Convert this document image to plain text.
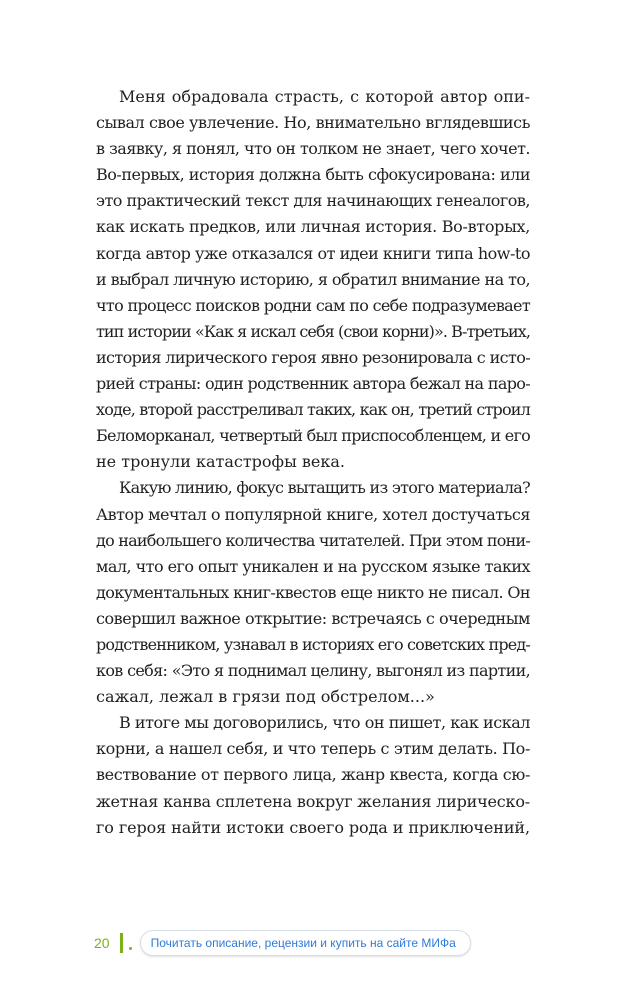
Меня обрадовала страсть, с которой автор опи-
сывал свое увлечение. Но, внимательно вглядевшись
в заявку, я понял, что он толком не знает, чего хочет.
Во-первых, история должна быть сфокусирована: или
это практический текст для начинающих генеалогов,
как искать предков, или личная история. Во-вторых,
когда автор уже отказался от идеи книги типа how-to
и выбрал личную историю, я обратил внимание на то,
что процесс поисков родни сам по себе подразумевает
тип истории «Как я искал себя (свои корни)». В-третьих,
история лирического героя явно резонировала с исто-
рией страны: один родственник автора бежал на паро-
ходе, второй расстреливал таких, как он, третий строил
Беломорканал, четвертый был приспособленцем, и его
не тронули катастрофы века.
Какую линию, фокус вытащить из этого материала?
Автор мечтал о популярной книге, хотел достучаться
до наибольшего количества читателей. При этом пони-
мал, что его опыт уникален и на русском языке таких
документальных книг-квестов еще никто не писал. Он
совершил важное открытие: встречаясь с очередным
родственником, узнавал в историях его советских пред-
ков себя: «Это я поднимал целину, выгонял из партии,
сажал, лежал в грязи под обстрелом...»
В итоге мы договорились, что он пишет, как искал
корни, а нашел себя, и что теперь с этим делать. По-
вествование от первого лица, жанр квеста, когда сю-
жетная канва сплетена вокруг желания лирическо-
го героя найти истоки своего рода и приключений,
20	Почитать описание, рецензии и купить на сайте МИФа
